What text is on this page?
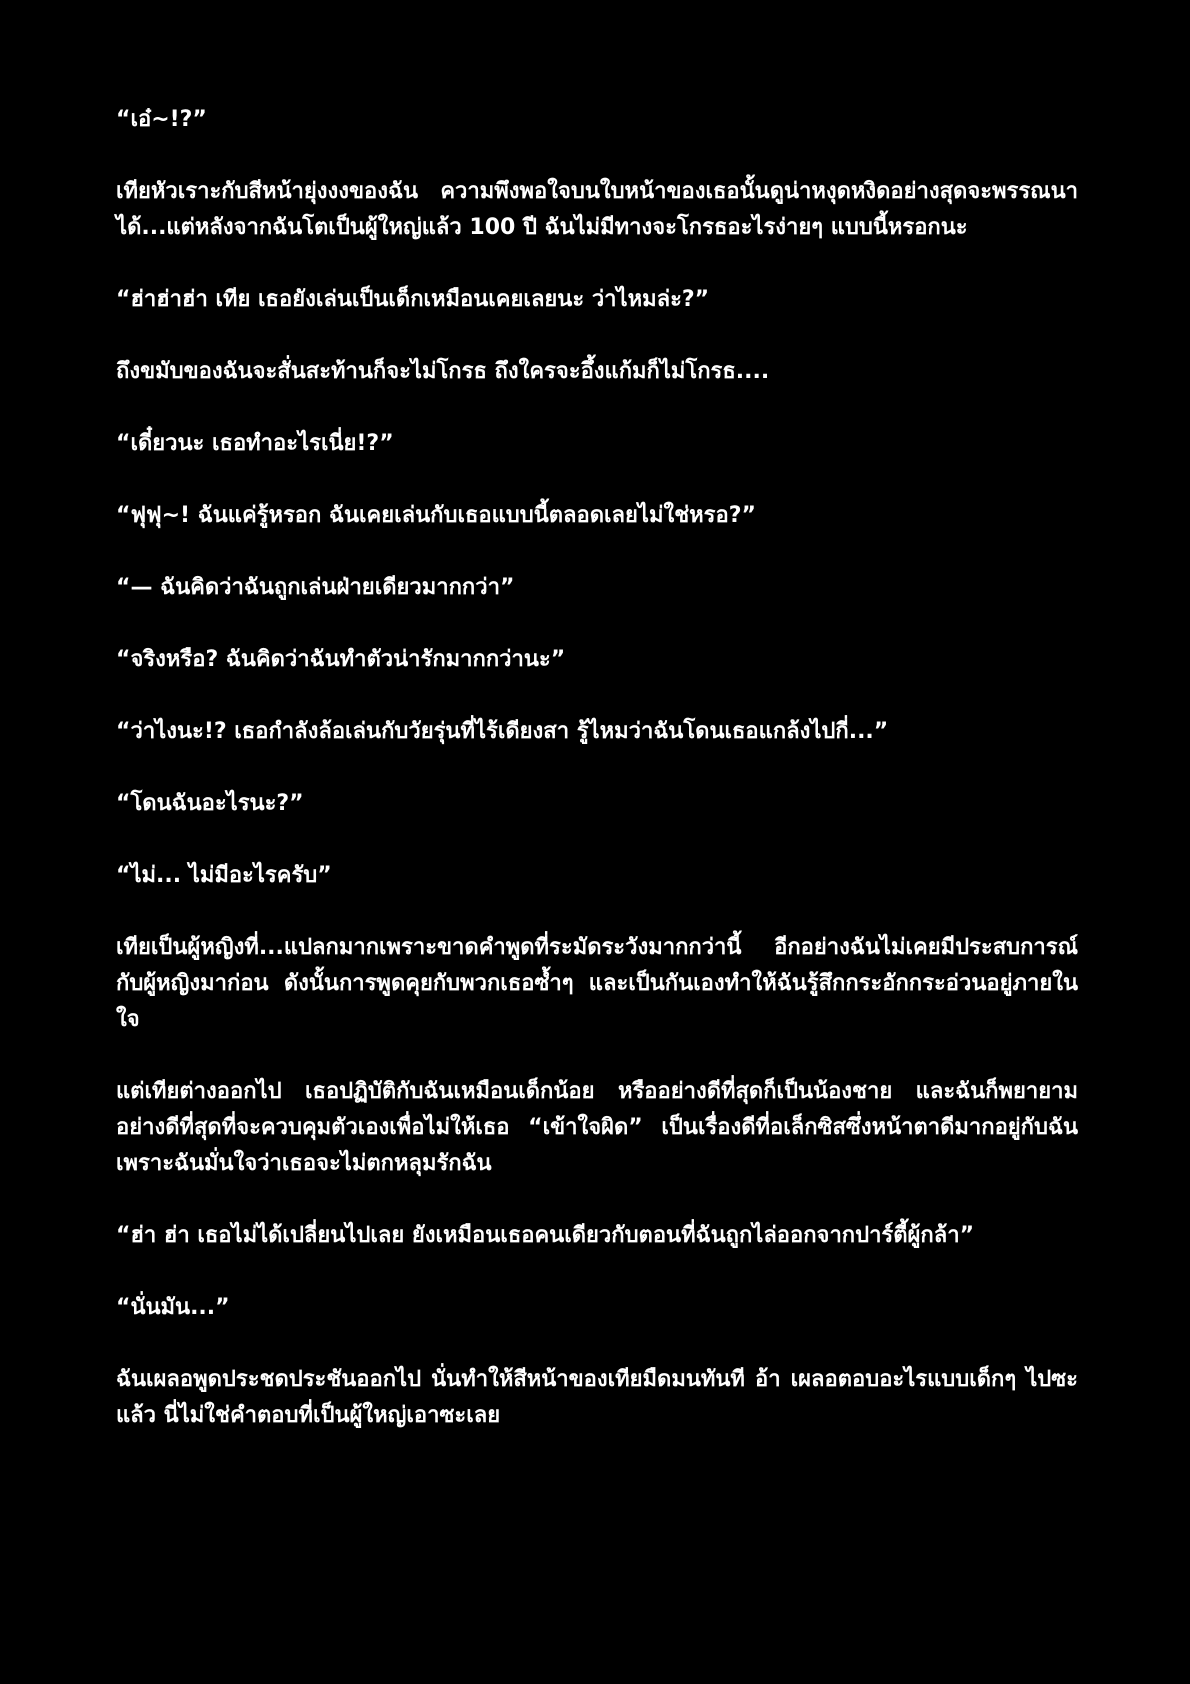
“เอ๋~!?”

เทียหัวเราะกับสีหน้ายุ่งงงของฉัน ความพึงพอใจบนใบหน้าของเธอนั้นดูน่าหงุดหงิดอย่างสุดจะพรรณนาได้...แต่หลังจากฉันโตเป็นผู้ใหญ่แล้ว 100 ปี ฉันไม่มีทางจะโกรธอะไรง่ายๆ แบบนี้หรอกนะ

“ฮ่าฮ่าฮ่า เทีย เธอยังเล่นเป็นเด็กเหมือนเคยเลยนะ ว่าไหมล่ะ?”

ถึงขมับของฉันจะสั่นสะท้านก็จะไม่โกรธ ถึงใครจะอึ้งแก้มก็ไม่โกรธ....

“เดี๋ยวนะ เธอทำอะไรเนี่ย!?”

“ฟุฟุ~! ฉันแค่รู้หรอก ฉันเคยเล่นกับเธอแบบนี้ตลอดเลยไม่ใช่หรอ?”

“— ฉันคิดว่าฉันถูกเล่นฝ่ายเดียวมากกว่า”

“จริงหรือ? ฉันคิดว่าฉันทำตัวน่ารักมากกว่านะ”

“ว่าไงนะ!? เธอกำลังล้อเล่นกับวัยรุ่นที่ไร้เดียงสา รู้ไหมว่าฉันโดนเธอแกล้งไปกี่...”

“โดนฉันอะไรนะ?”

“ไม่... ไม่มีอะไรครับ”

เทียเป็นผู้หญิงที่...แปลกมากเพราะขาดคำพูดที่ระมัดระวังมากกว่านี้ อีกอย่างฉันไม่เคยมีประสบการณ์กับผู้หญิงมาก่อน ดังนั้นการพูดคุยกับพวกเธอซ้ำๆ และเป็นกันเองทำให้ฉันรู้สึกกระอักกระอ่วนอยู่ภายในใจ

แต่เทียต่างออกไป เธอปฏิบัติกับฉันเหมือนเด็กน้อย หรืออย่างดีที่สุดก็เป็นน้องชาย และฉันก็พยายามอย่างดีที่สุดที่จะควบคุมตัวเองเพื่อไม่ให้เธอ “เข้าใจผิด” เป็นเรื่องดีที่อเล็กซิสซึ่งหน้าตาดีมากอยู่กับฉัน เพราะฉันมั่นใจว่าเธอจะไม่ตกหลุมรักฉัน

“ฮ่า ฮ่า เธอไม่ได้เปลี่ยนไปเลย ยังเหมือนเธอคนเดียวกับตอนที่ฉันถูกไล่ออกจากปาร์ตี้ผู้กล้า”

“นั่นมัน...”

ฉันเผลอพูดประชดประชันออกไป นั่นทำให้สีหน้าของเทียมืดมนทันที อ้า เผลอตอบอะไรแบบเด็กๆ ไปซะแล้ว นี่ไม่ใช่คำตอบที่เป็นผู้ใหญ่เอาซะเลย
